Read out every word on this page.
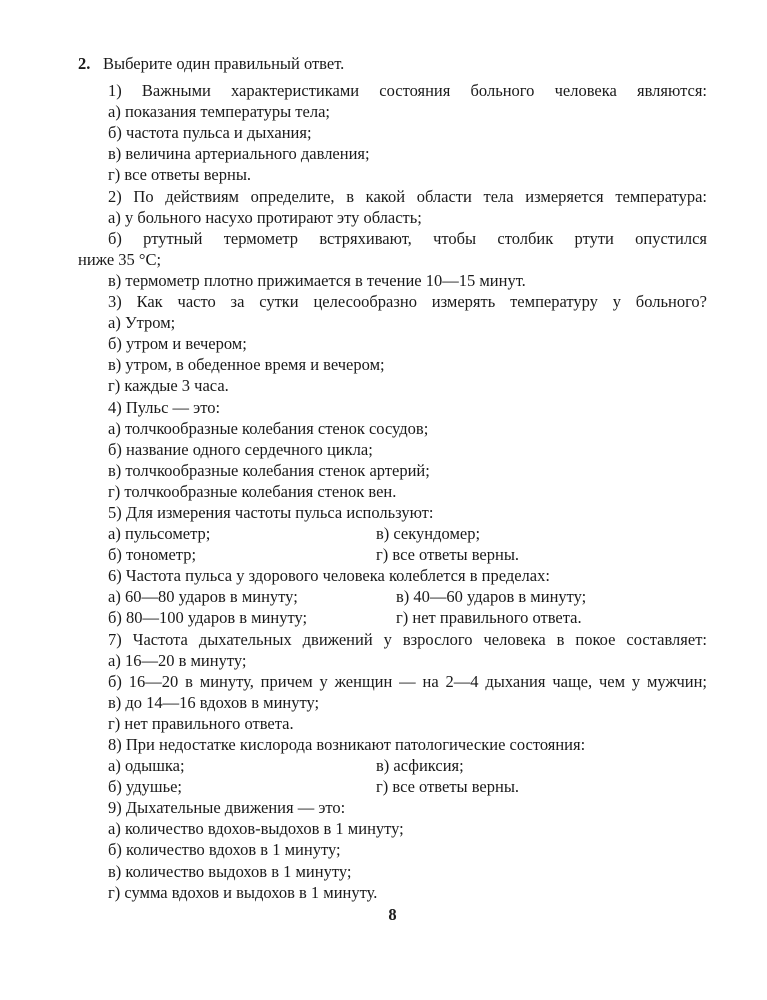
2. Выберите один правильный ответ.
1) Важными характеристиками состояния больного человека являются:
а) показания температуры тела;
б) частота пульса и дыхания;
в) величина артериального давления;
г) все ответы верны.
2) По действиям определите, в какой области тела измеряется температура:
а) у больного насухо протирают эту область;
б) ртутный термометр встряхивают, чтобы столбик ртути опустился
ниже 35 °C;
в) термометр плотно прижимается в течение 10—15 минут.
3) Как часто за сутки целесообразно измерять температуру у больного?
а) Утром;
б) утром и вечером;
в) утром, в обеденное время и вечером;
г) каждые 3 часа.
4) Пульс — это:
а) толчкообразные колебания стенок сосудов;
б) название одного сердечного цикла;
в) толчкообразные колебания стенок артерий;
г) толчкообразные колебания стенок вен.
5) Для измерения частоты пульса используют:
а) пульсометр;	в) секундомер;
б) тонометр;	г) все ответы верны.
6) Частота пульса у здорового человека колеблется в пределах:
а) 60—80 ударов в минуту;	в) 40—60 ударов в минуту;
б) 80—100 ударов в минуту;	г) нет правильного ответа.
7) Частота дыхательных движений у взрослого человека в покое составляет:
а) 16—20 в минуту;
б) 16—20 в минуту, причем у женщин — на 2—4 дыхания чаще, чем у мужчин;
в) до 14—16 вдохов в минуту;
г) нет правильного ответа.
8) При недостатке кислорода возникают патологические состояния:
а) одышка;	в) асфиксия;
б) удушье;	г) все ответы верны.
9) Дыхательные движения — это:
а) количество вдохов-выдохов в 1 минуту;
б) количество вдохов в 1 минуту;
в) количество выдохов в 1 минуту;
г) сумма вдохов и выдохов в 1 минуту.
8
